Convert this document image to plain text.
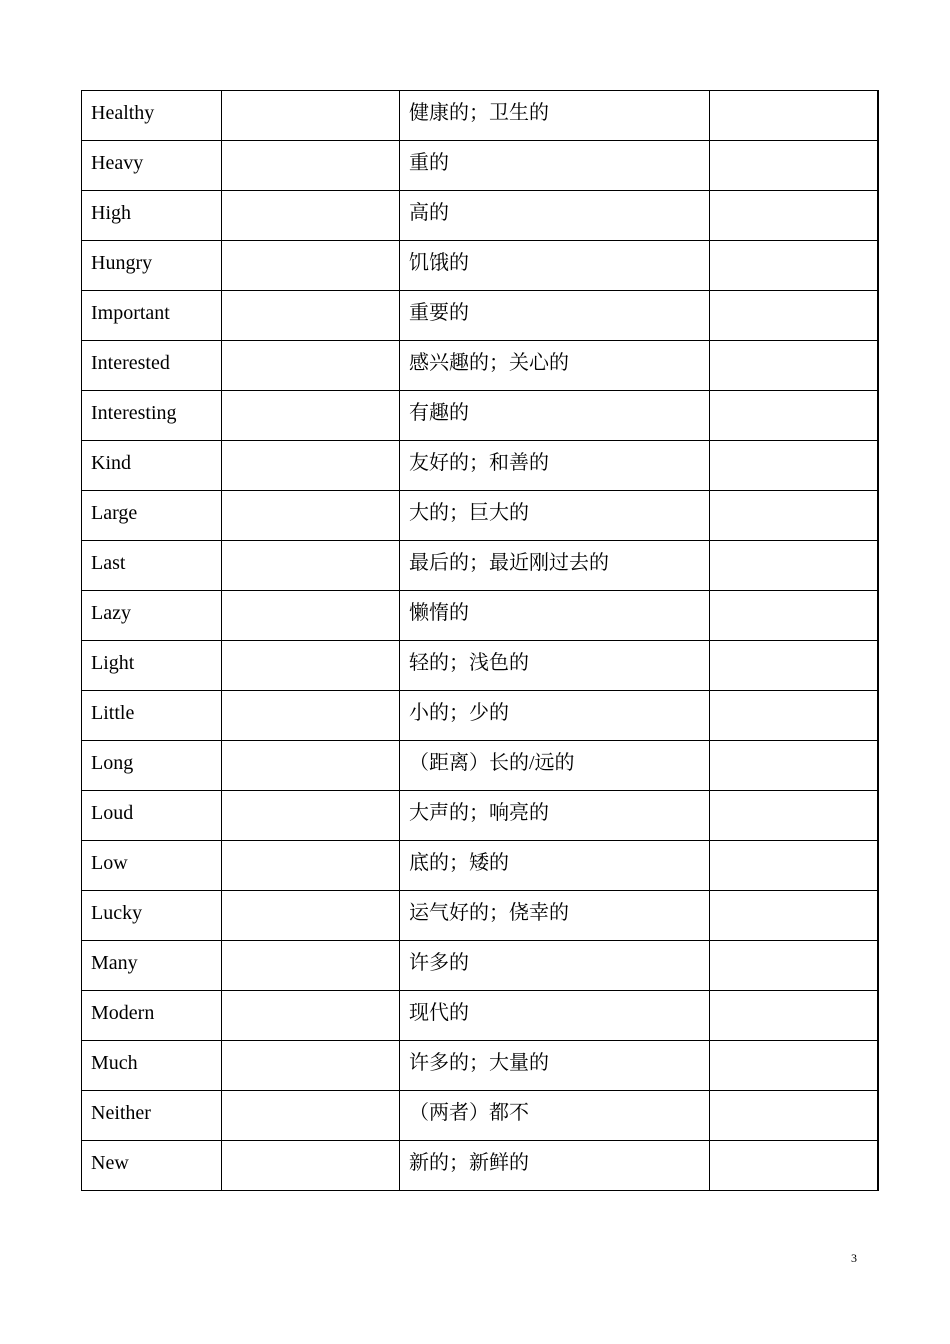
Healthy		健康的；卫生的	
Heavy		重的	
High		高的	
Hungry		饥饿的	
Important		重要的	
Interested		感兴趣的；关心的	
Interesting		有趣的	
Kind		友好的；和善的	
Large		大的；巨大的	
Last		最后的；最近刚过去的	
Lazy		懒惰的	
Light		轻的；浅色的	
Little		小的；少的	
Long		（距离）长的/远的	
Loud		大声的；响亮的	
Low		底的；矮的	
Lucky		运气好的；侥幸的	
Many		许多的	
Modern		现代的	
Much		许多的；大量的	
Neither		（两者）都不	
New		新的；新鲜的	
3
